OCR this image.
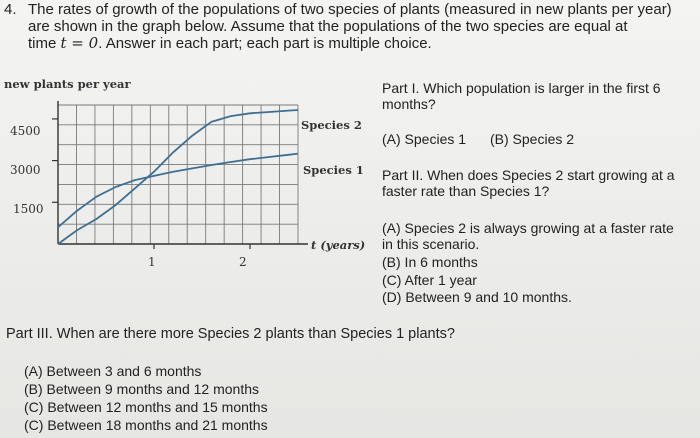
4. The rates of growth of the populations of two species of plants (measured in new plants per year)
are shown in the graph below. Assume that the populations of the two species are equal at
time t = 0. Answer in each part; each part is multiple choice.
new plants per year
4500
3000
1500
1	2
Species 2
Species 1
t (years)
Part I. Which population is larger in the first 6
months?
(A) Species 1 (B) Species 2
Part II. When does Species 2 start growing at a
faster rate than Species 1?
(A) Species 2 is always growing at a faster rate
in this scenario.
(B) In 6 months
(C) After 1 year
(D) Between 9 and 10 months.
Part III. When are there more Species 2 plants than Species 1 plants?
(A) Between 3 and 6 months
(B) Between 9 months and 12 months
(C) Between 12 months and 15 months
(C) Between 18 months and 21 months
